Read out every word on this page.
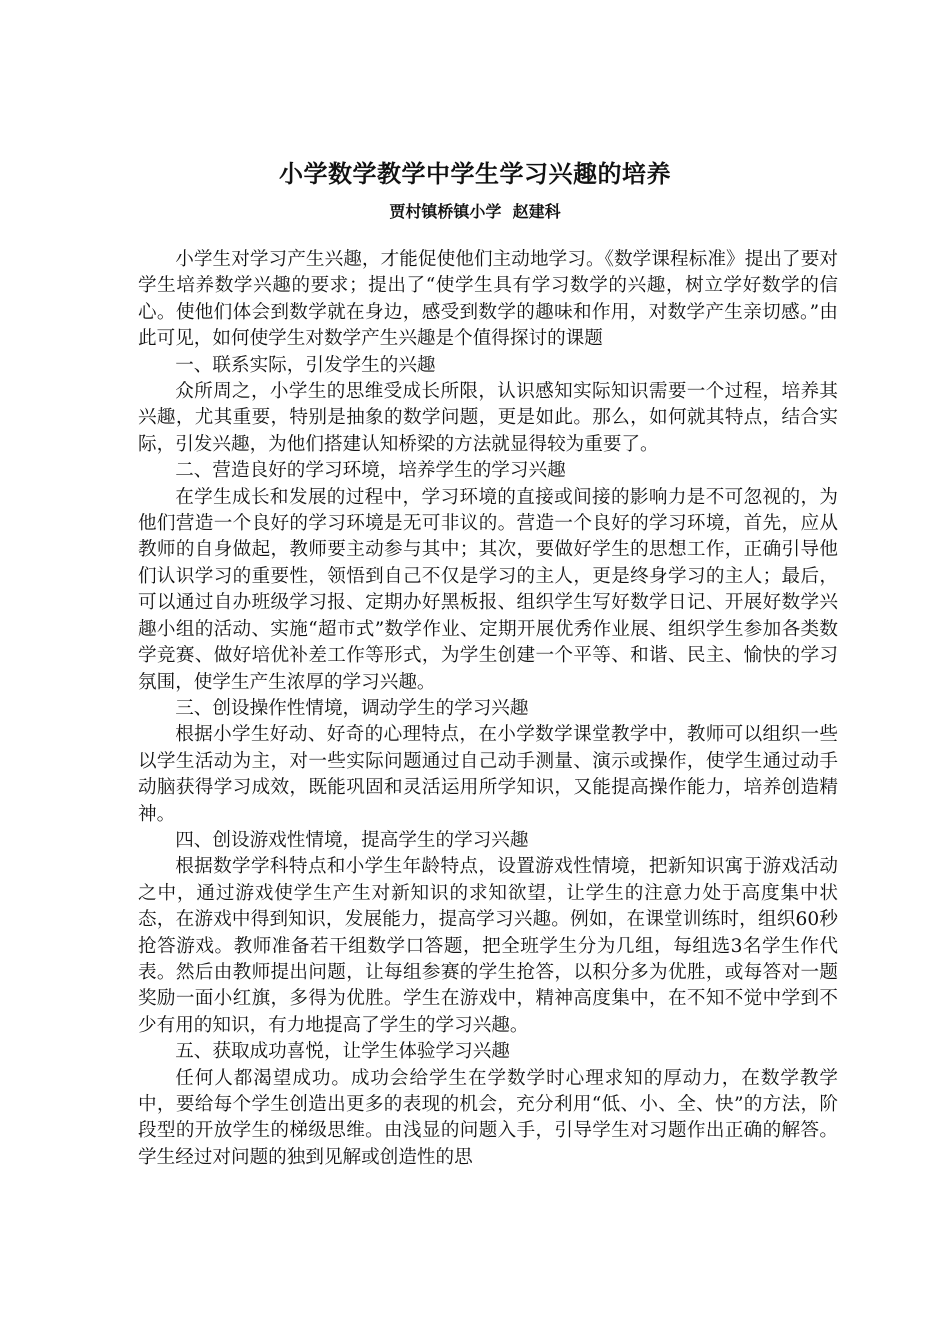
小学数学教学中学生学习兴趣的培养
贾村镇桥镇小学  赵建科

小学生对学习产生兴趣，才能促使他们主动地学习。《数学课程标准》提出了要对学生培养数学兴趣的要求；提出了“使学生具有学习数学的兴趣，树立学好数学的信心。使他们体会到数学就在身边，感受到数学的趣味和作用，对数学产生亲切感。”由此可见，如何使学生对数学产生兴趣是个值得探讨的课题

一、联系实际，引发学生的兴趣

众所周之，小学生的思维受成长所限，认识感知实际知识需要一个过程，培养其兴趣，尤其重要，特别是抽象的数学问题，更是如此。那么，如何就其特点，结合实际，引发兴趣，为他们搭建认知桥梁的方法就显得较为重要了。

二、营造良好的学习环境，培养学生的学习兴趣

在学生成长和发展的过程中，学习环境的直接或间接的影响力是不可忽视的，为他们营造一个良好的学习环境是无可非议的。营造一个良好的学习环境，首先，应从教师的自身做起，教师要主动参与其中；其次，要做好学生的思想工作，正确引导他们认识学习的重要性，领悟到自己不仅是学习的主人，更是终身学习的主人；最后，可以通过自办班级学习报、定期办好黑板报、组织学生写好数学日记、开展好数学兴趣小组的活动、实施“超市式”数学作业、定期开展优秀作业展、组织学生参加各类数学竞赛、做好培优补差工作等形式，为学生创建一个平等、和谐、民主、愉快的学习氛围，使学生产生浓厚的学习兴趣。

三、创设操作性情境，调动学生的学习兴趣

根据小学生好动、好奇的心理特点，在小学数学课堂教学中，教师可以组织一些以学生活动为主，对一些实际问题通过自己动手测量、演示或操作，使学生通过动手动脑获得学习成效，既能巩固和灵活运用所学知识，又能提高操作能力，培养创造精神。

四、创设游戏性情境，提高学生的学习兴趣

根据数学学科特点和小学生年龄特点，设置游戏性情境，把新知识寓于游戏活动之中，通过游戏使学生产生对新知识的求知欲望，让学生的注意力处于高度集中状态，在游戏中得到知识，发展能力，提高学习兴趣。例如，在课堂训练时，组织60秒抢答游戏。教师准备若干组数学口答题，把全班学生分为几组，每组选3名学生作代表。然后由教师提出问题，让每组参赛的学生抢答，以积分多为优胜，或每答对一题奖励一面小红旗，多得为优胜。学生在游戏中，精神高度集中，在不知不觉中学到不少有用的知识，有力地提高了学生的学习兴趣。

五、获取成功喜悦，让学生体验学习兴趣

任何人都渴望成功。成功会给学生在学数学时心理求知的厚动力，在数学教学中，要给每个学生创造出更多的表现的机会，充分利用“低、小、全、快”的方法，阶段型的开放学生的梯级思维。由浅显的问题入手，引导学生对习题作出正确的解答。学生经过对问题的独到见解或创造性的思
